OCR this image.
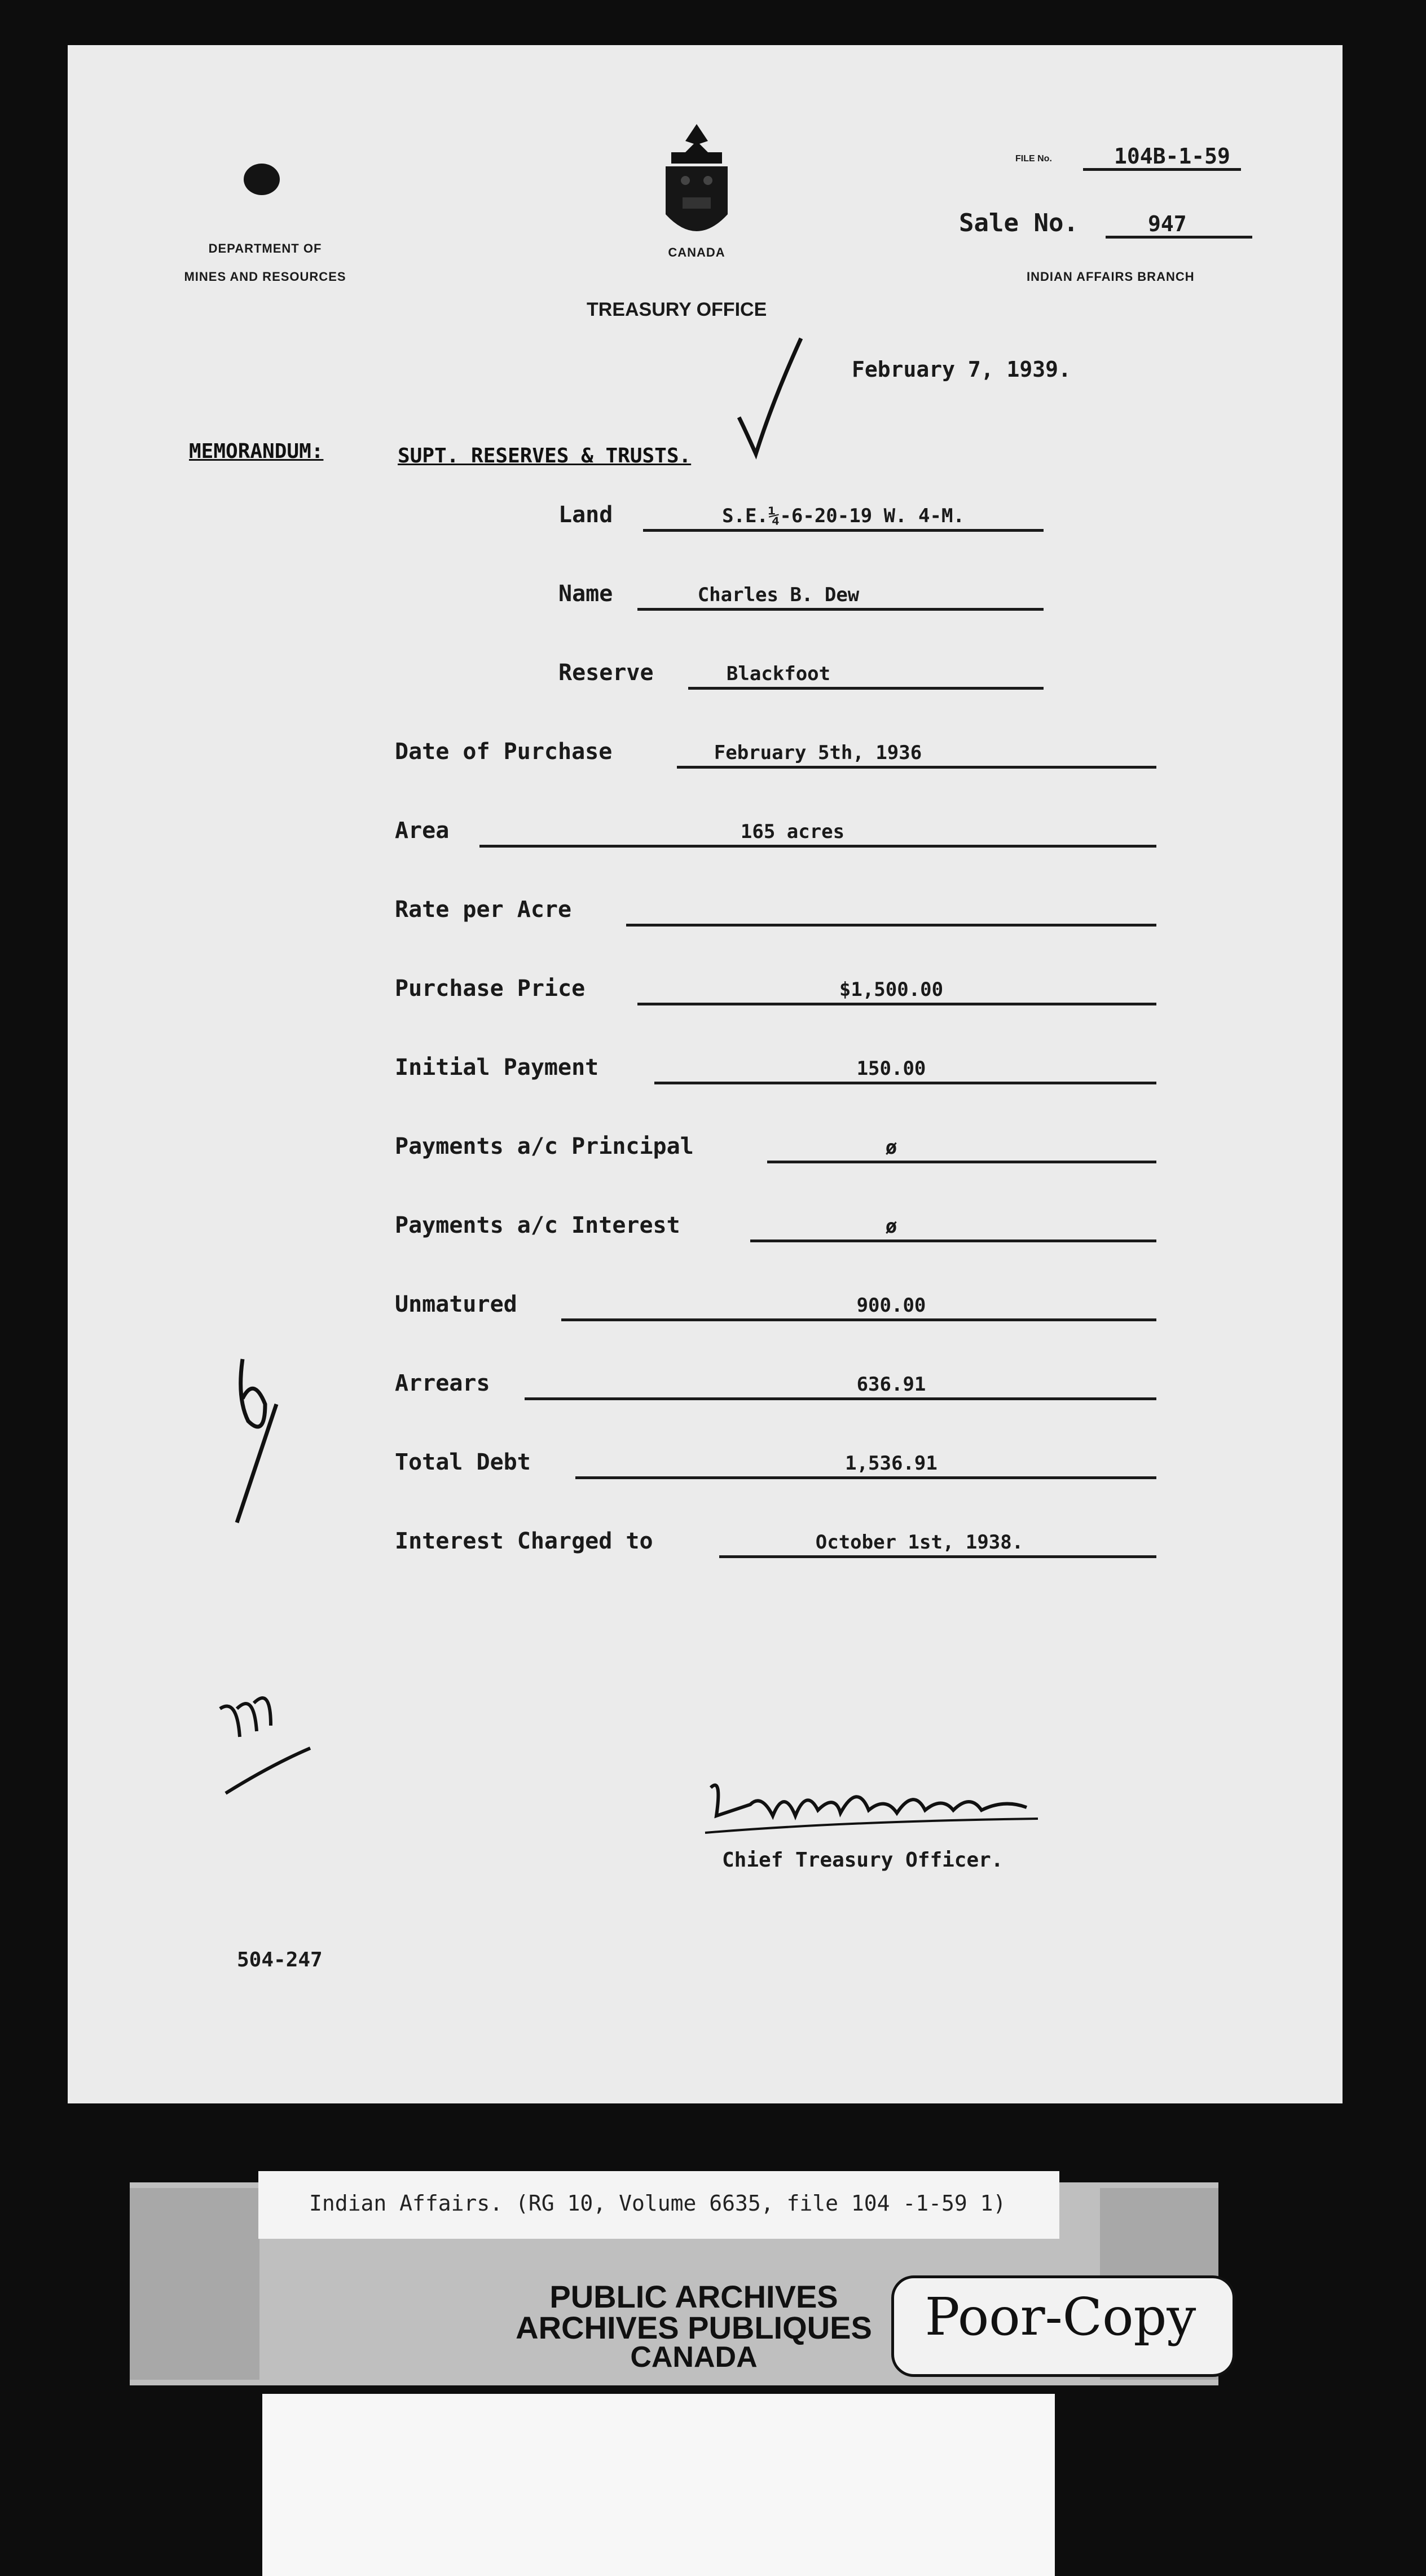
DEPARTMENT OF
MINES AND RESOURCES
CANADA
FILE No.	104B-1-59
Sale No.	947
INDIAN AFFAIRS BRANCH
TREASURY OFFICE
February 7, 1939.
MEMORANDUM:	SUPT. RESERVES & TRUSTS.
Land	S.E.¼-6-20-19 W. 4-M.
Name	Charles B. Dew
Reserve	Blackfoot
Date of Purchase	February 5th, 1936
Area	165 acres
Rate per Acre
Purchase Price	$1,500.00
Initial Payment	150.00
Payments a/c Principal	ø
Payments a/c Interest	ø
Unmatured	900.00
Arrears	636.91
Total Debt	1,536.91
Interest Charged to	October 1st, 1938.
Chief Treasury Officer.
504-247
Indian Affairs. (RG 10, Volume 6635, file 104 -1-59 1)
PUBLIC ARCHIVES
ARCHIVES PUBLIQUES
CANADA
Poor-Copy
